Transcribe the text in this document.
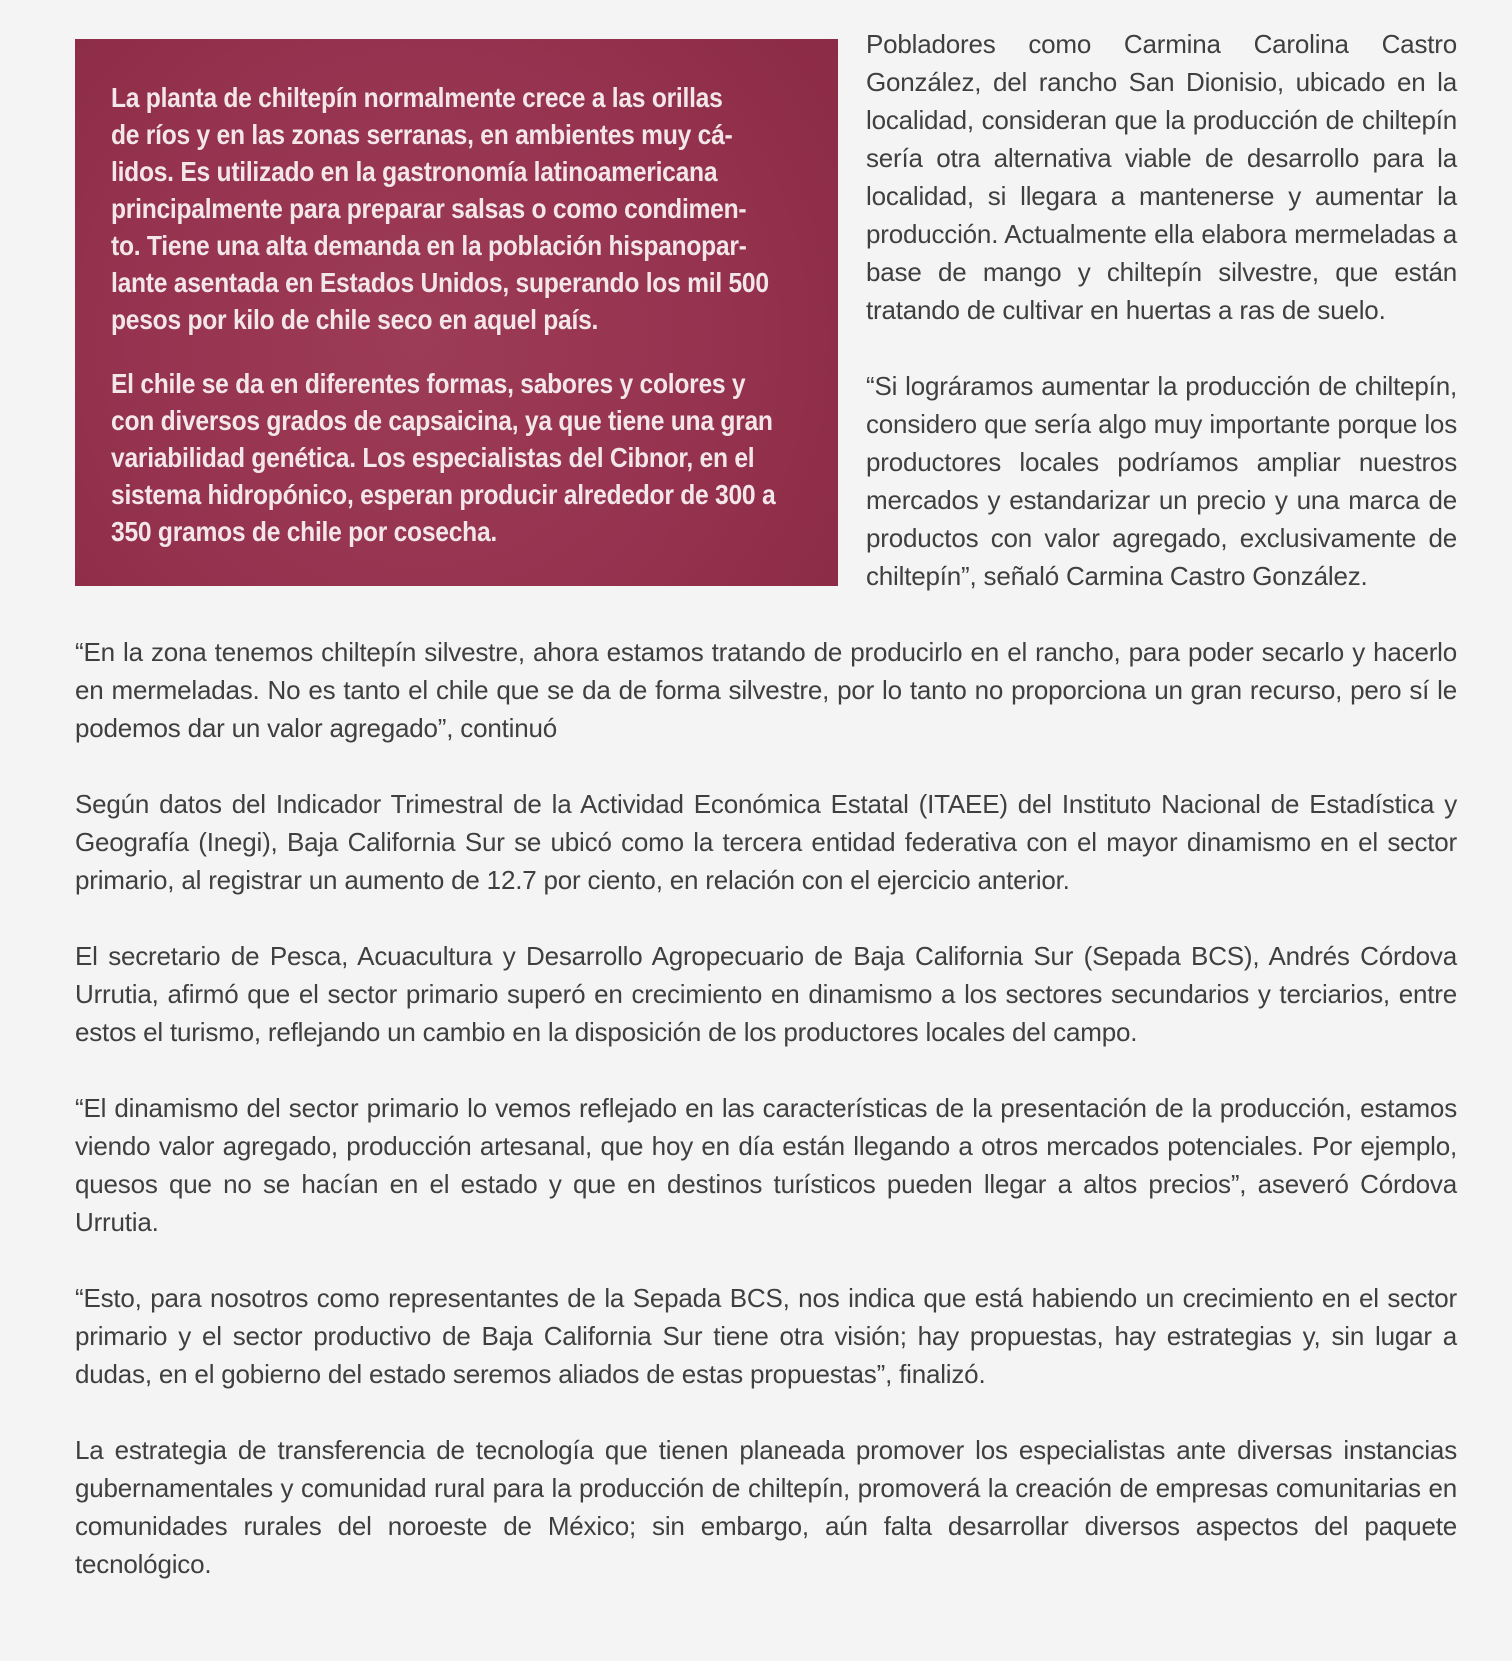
La planta de chiltepín normalmente crece a las orillas
de ríos y en las zonas serranas, en ambientes muy cá-
lidos. Es utilizado en la gastronomía latinoamericana
principalmente para preparar salsas o como condimen-
to. Tiene una alta demanda en la población hispanopar-
lante asentada en Estados Unidos, superando los mil 500
pesos por kilo de chile seco en aquel país.

El chile se da en diferentes formas, sabores y colores y
con diversos grados de capsaicina, ya que tiene una gran
variabilidad genética. Los especialistas del Cibnor, en el
sistema hidropónico, esperan producir alrededor de 300 a
350 gramos de chile por cosecha.

Pobladores como Carmina Carolina Castro González, del rancho San Dionisio, ubicado en la localidad, consideran que la producción de chiltepín sería otra alternativa viable de desarrollo para la localidad, si llegara a mantenerse y aumentar la producción. Actualmente ella elabora mermeladas a base de mango y chiltepín silvestre, que están tratando de cultivar en huertas a ras de suelo.

“Si lográramos aumentar la producción de chiltepín, considero que sería algo muy importante porque los productores locales podríamos ampliar nuestros mercados y estandarizar un precio y una marca de productos con valor agregado, exclusivamente de chiltepín”, señaló Carmina Castro González.

“En la zona tenemos chiltepín silvestre, ahora estamos tratando de producirlo en el rancho, para poder secarlo y hacerlo en mermeladas. No es tanto el chile que se da de forma silvestre, por lo tanto no proporciona un gran recurso, pero sí le podemos dar un valor agregado”, continuó

Según datos del Indicador Trimestral de la Actividad Económica Estatal (ITAEE) del Instituto Nacional de Estadística y Geografía (Inegi), Baja California Sur se ubicó como la tercera entidad federativa con el mayor dinamismo en el sector primario, al registrar un aumento de 12.7 por ciento, en relación con el ejercicio anterior.

El secretario de Pesca, Acuacultura y Desarrollo Agropecuario de Baja California Sur (Sepada BCS), Andrés Córdova Urrutia, afirmó que el sector primario superó en crecimiento en dinamismo a los sectores secundarios y terciarios, entre estos el turismo, reflejando un cambio en la disposición de los productores locales del campo.

“El dinamismo del sector primario lo vemos reflejado en las características de la presentación de la producción, estamos viendo valor agregado, producción artesanal, que hoy en día están llegando a otros mercados potenciales. Por ejemplo, quesos que no se hacían en el estado y que en destinos turísticos pueden llegar a altos precios”, aseveró Córdova Urrutia.

“Esto, para nosotros como representantes de la Sepada BCS, nos indica que está habiendo un crecimiento en el sector primario y el sector productivo de Baja California Sur tiene otra visión; hay propuestas, hay estrategias y, sin lugar a dudas, en el gobierno del estado seremos aliados de estas propuestas”, finalizó.

La estrategia de transferencia de tecnología que tienen planeada promover los especialistas ante diversas instancias gubernamentales y comunidad rural para la producción de chiltepín, promoverá la creación de empresas comunitarias en comunidades rurales del noroeste de México; sin embargo, aún falta desarrollar diversos aspectos del paquete tecnológico.
